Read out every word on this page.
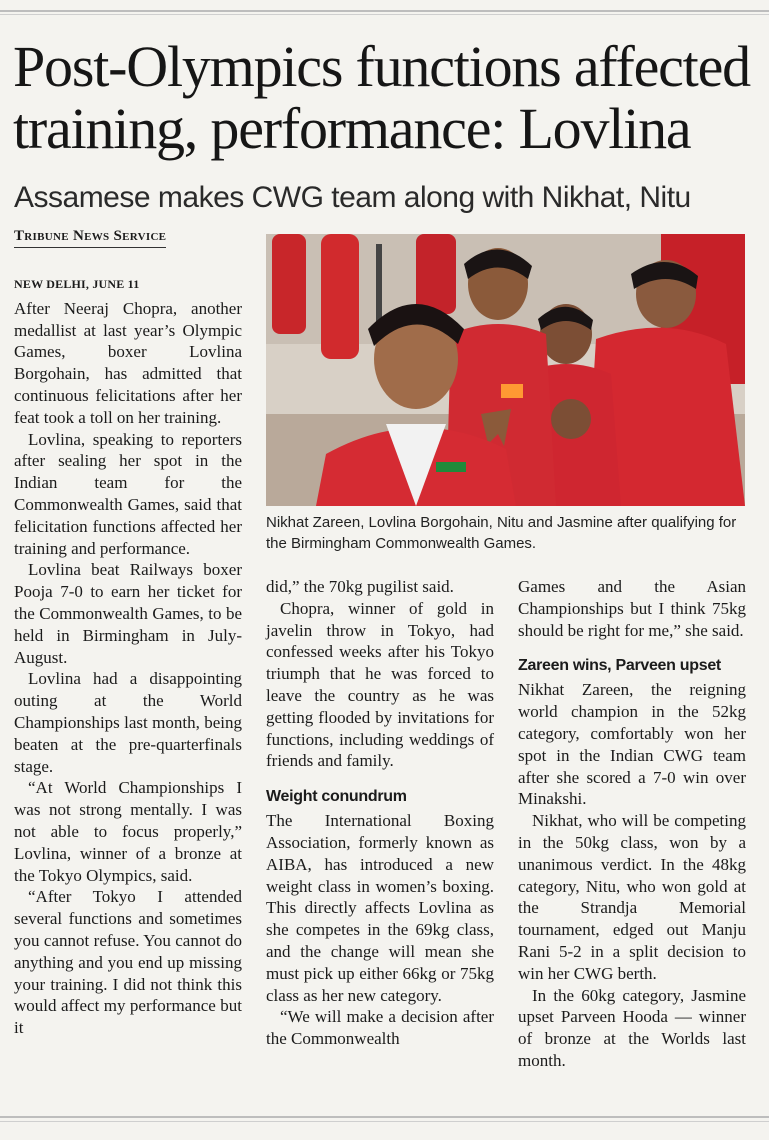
Post-Olympics functions affected training, performance: Lovlina
Assamese makes CWG team along with Nikhat, Nitu
Tribune News Service
Nikhat Zareen, Lovlina Borgohain, Nitu and Jasmine after qualifying for the Birmingham Commonwealth Games.
NEW DELHI, JUNE 11

After Neeraj Chopra, another medallist at last year’s Olympic Games, boxer Lovlina Borgohain, has admitted that continuous felicitations after her feat took a toll on her training.

Lovlina, speaking to reporters after sealing her spot in the Indian team for the Commonwealth Games, said that felicitation functions affected her training and performance.

Lovlina beat Railways boxer Pooja 7-0 to earn her ticket for the Commonwealth Games, to be held in Birmingham in July-August.

Lovlina had a disappointing outing at the World Championships last month, being beaten at the pre-quarterfinals stage.

“At World Championships I was not strong mentally. I was not able to focus properly,” Lovlina, winner of a bronze at the Tokyo Olympics, said.

“After Tokyo I attended several functions and sometimes you cannot refuse. You cannot do anything and you end up missing your training. I did not think this would affect my performance but it

did,” the 70kg pugilist said.

Chopra, winner of gold in javelin throw in Tokyo, had confessed weeks after his Tokyo triumph that he was forced to leave the country as he was getting flooded by invitations for functions, including weddings of friends and family.

Weight conundrum

The International Boxing Association, formerly known as AIBA, has introduced a new weight class in women’s boxing. This directly affects Lovlina as she competes in the 69kg class, and the change will mean she must pick up either 66kg or 75kg class as her new category.

“We will make a decision after the Commonwealth

Games and the Asian Championships but I think 75kg should be right for me,” she said.

Zareen wins, Parveen upset

Nikhat Zareen, the reigning world champion in the 52kg category, comfortably won her spot in the Indian CWG team after she scored a 7-0 win over Minakshi.

Nikhat, who will be competing in the 50kg class, won by a unanimous verdict. In the 48kg category, Nitu, who won gold at the Strandja Memorial tournament, edged out Manju Rani 5-2 in a split decision to win her CWG berth.

In the 60kg category, Jasmine upset Parveen Hooda — winner of bronze at the Worlds last month.
